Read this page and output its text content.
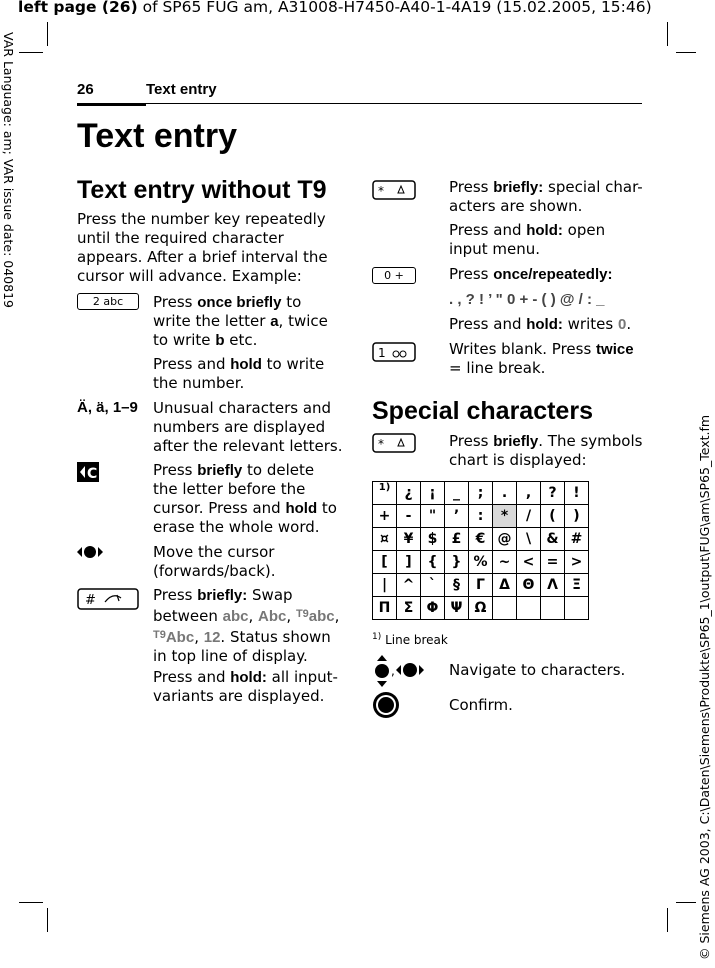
left page (26) of SP65 FUG am, A31008-H7450-A40-1-4A19 (15.02.2005, 15:46)
VAR Language: am; VAR issue date: 040819
© Siemens AG 2003, C:\Daten\Siemens\Produkte\SP65_1\output\FUG\am\SP65_Text.fm
26	Text entry
Text entry
Text entry without T9
Press the number key repeatedly until the required character appears. After a brief interval the cursor will advance. Example:
2 abc	Press once briefly to write the letter a, twice to write b etc.
Press and hold to write the number.
Ä, ä, 1–9 Unusual characters and numbers are displayed after the relevant letters.
C	Press briefly to delete the letter before the cursor. Press and hold to erase the whole word.
Move the cursor (forwards/back).
#	Press briefly: Swap between abc, Abc, $^{T9}$abc, $^{T9}$Abc, 12. Status shown in top line of display.
Press and hold: all input-variants are displayed.
*	Press briefly: special char-acters are shown.
Press and hold: open input menu.
0 +	Press once/repeatedly:
. , ? ! ’ " 0 + - ( ) @ / : _
Press and hold: writes 0.
1	Writes blank. Press twice = line break.
Special characters
*	Press briefly. The symbols chart is displayed:
1)	¿	¡	_	;	.	,	?	!
+	-	"	’	:	*	/	(	)
¤	¥	$	£	€	@	\	&	#
[	]	{	}	%	~	<	=	>
|	^	`	§	Γ	Δ	Θ	Λ	Ξ
Π	Σ	Φ	Ψ	Ω				
$^{1)}$ Line break
,	Navigate to characters.
Confirm.
